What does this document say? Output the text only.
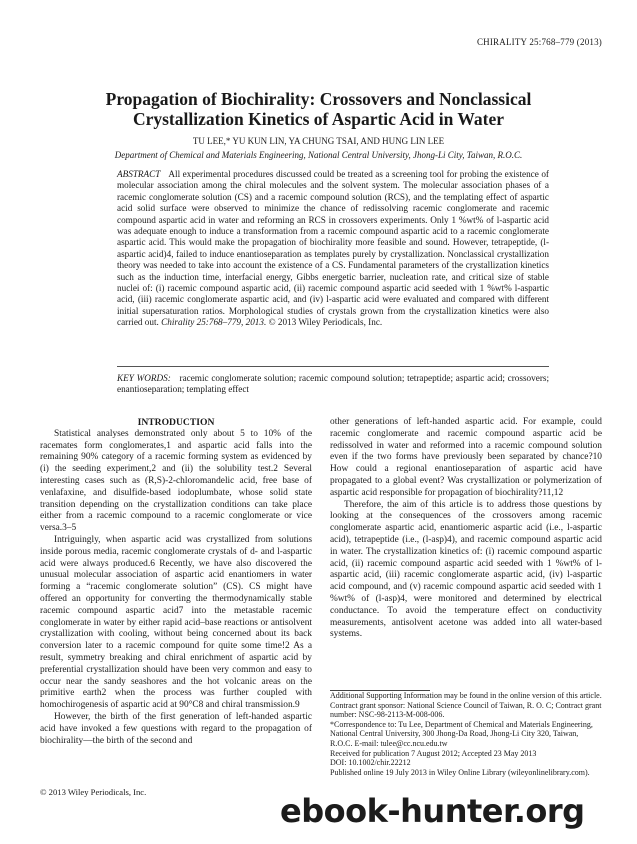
CHIRALITY 25:768–779 (2013)
Propagation of Biochirality: Crossovers and Nonclassical
Crystallization Kinetics of Aspartic Acid in Water
TU LEE,* YU KUN LIN, YA CHUNG TSAI, AND HUNG LIN LEE
Department of Chemical and Materials Engineering, National Central University, Jhong-Li City, Taiwan, R.O.C.
ABSTRACT All experimental procedures discussed could be treated as a screening tool for probing the existence of molecular association among the chiral molecules and the solvent system. The molecular association phases of a racemic conglomerate solution (CS) and a racemic compound solution (RCS), and the templating effect of aspartic acid solid surface were observed to minimize the chance of redissolving racemic conglomerate and racemic compound aspartic acid in water and reforming an RCS in crossovers experiments. Only 1 %wt% of l-aspartic acid was adequate enough to induce a transformation from a racemic compound aspartic acid to a racemic conglomerate aspartic acid. This would make the propagation of biochirality more feasible and sound. However, tetrapeptide, (l-aspartic acid)4, failed to induce enantioseparation as templates purely by crystallization. Nonclassical crystallization theory was needed to take into account the existence of a CS. Fundamental parameters of the crystallization kinetics such as the induction time, interfacial energy, Gibbs energetic barrier, nucleation rate, and critical size of stable nuclei of: (i) racemic compound aspartic acid, (ii) racemic compound aspartic acid seeded with 1 %wt% l-aspartic acid, (iii) racemic conglomerate aspartic acid, and (iv) l-aspartic acid were evaluated and compared with different initial supersaturation ratios. Morphological studies of crystals grown from the crystallization kinetics were also carried out. Chirality 25:768–779, 2013. © 2013 Wiley Periodicals, Inc.
KEY WORDS: racemic conglomerate solution; racemic compound solution; tetrapeptide; aspartic acid; crossovers; enantioseparation; templating effect

INTRODUCTION

Statistical analyses demonstrated only about 5 to 10% of the racemates form conglomerates,1 and aspartic acid falls into the remaining 90% category of a racemic forming system as evidenced by (i) the seeding experiment,2 and (ii) the solubility test.2 Several interesting cases such as (R,S)-2-chloromandelic acid, free base of venlafaxine, and disulfide-based iodoplumbate, whose solid state transition depending on the crystallization conditions can take place either from a racemic compound to a racemic conglomerate or vice versa.3–5

Intriguingly, when aspartic acid was crystallized from solutions inside porous media, racemic conglomerate crystals of d- and l-aspartic acid were always produced.6 Recently, we have also discovered the unusual molecular association of aspartic acid enantiomers in water forming a “racemic conglomerate solution” (CS). CS might have offered an opportunity for converting the thermodynamically stable racemic compound aspartic acid7 into the metastable racemic conglomerate in water by either rapid acid–base reactions or antisolvent crystallization with cooling, without being concerned about its back conversion later to a racemic compound for quite some time!2 As a result, symmetry breaking and chiral enrichment of aspartic acid by preferential crystallization should have been very common and easy to occur near the sandy seashores and the hot volcanic areas on the primitive earth2 when the process was further coupled with homochirogenesis of aspartic acid at 90°C8 and chiral transmission.9

However, the birth of the first generation of left-handed aspartic acid have invoked a few questions with regard to the propagation of biochirality—the birth of the second and

other generations of left-handed aspartic acid. For example, could racemic conglomerate and racemic compound aspartic acid be redissolved in water and reformed into a racemic compound solution even if the two forms have previously been separated by chance?10 How could a regional enantioseparation of aspartic acid have propagated to a global event? Was crystallization or polymerization of aspartic acid responsible for propagation of biochirality?11,12

Therefore, the aim of this article is to address those questions by looking at the consequences of the crossovers among racemic conglomerate aspartic acid, enantiomeric aspartic acid (i.e., l-aspartic acid), tetrapeptide (i.e., (l-asp)4), and racemic compound aspartic acid in water. The crystallization kinetics of: (i) racemic compound aspartic acid, (ii) racemic compound aspartic acid seeded with 1 %wt% of l-aspartic acid, (iii) racemic conglomerate aspartic acid, (iv) l-aspartic acid compound, and (v) racemic compound aspartic acid seeded with 1 %wt% of (l-asp)4, were monitored and determined by electrical conductance. To avoid the temperature effect on conductivity measurements, antisolvent acetone was added into all water-based systems.

Additional Supporting Information may be found in the online version of this article.
Contract grant sponsor: National Science Council of Taiwan, R. O. C; Contract grant number: NSC-98-2113-M-008-006.
*Correspondence to: Tu Lee, Department of Chemical and Materials Engineering, National Central University, 300 Jhong-Da Road, Jhong-Li City 320, Taiwan, R.O.C. E-mail: tulee@cc.ncu.edu.tw
Received for publication 7 August 2012; Accepted 23 May 2013
DOI: 10.1002/chir.22212
Published online 19 July 2013 in Wiley Online Library (wileyonlinelibrary.com).
© 2013 Wiley Periodicals, Inc.	ebook-hunter.org
